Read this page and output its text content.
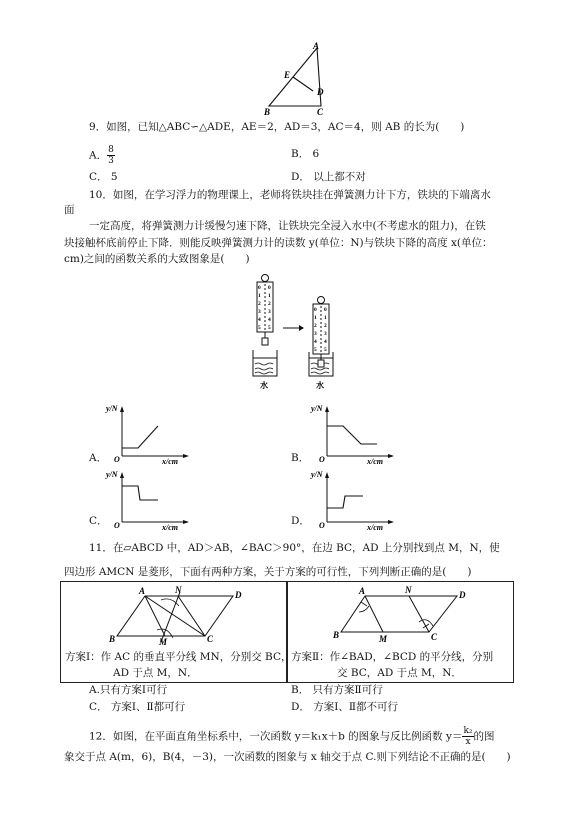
A
E
D
B	C
9．如图，已知△ABC∽△ADE，AE＝2，AD＝3，AC＝4，则 AB 的长为(　　)
A． $\frac{8}{3}$	B． 6
C． 5	D． 以上都不对
10．如图，在学习浮力的物理课上，老师将铁块挂在弹簧测力计下方，铁块的下端离水
面
一定高度，将弹簧测力计缓慢匀速下降，让铁块完全浸入水中(不考虑水的阻力)，在铁
块接触杯底前停止下降．则能反映弹簧测力计的读数 y(单位：N)与铁块下降的高度 x(单位：
cm)之间的函数关系的大致图象是(　　)
0 0
1 1
2 2
3 3
4 4
5 5
水
0 0
1 1
2 2
3 3
4 4
5 5
水
y/N
O	x/cm
A．
y/N
O	x/cm
B．
y/N
O	x/cm
C．
y/N
O	x/cm
D．
11．在▱ABCD 中，AD＞AB，∠BAC＞90°，在边 BC，AD 上分别找到点 M，N，使
四边形 AMCN 是菱形，下面有两种方案，关于方案的可行性，下列判断正确的是(　　)
A	N	D
B	M	C
方案Ⅰ：作 AC 的垂直平分线 MN，分别交 BC，
AD 于点 M，N．
A	N	D
B	M	C
方案Ⅱ：作∠BAD，∠BCD 的平分线，分别
交 BC，AD 于点 M，N．
A.只有方案Ⅰ可行	B． 只有方案Ⅱ可行
C． 方案Ⅰ、Ⅱ都可行	D． 方案Ⅰ、Ⅱ都不可行
12．如图，在平面直角坐标系中，一次函数 y＝k₁x＋b 的图象与反比例函数 $y= \frac{\text{k₂}}{x}$ 的图
象交于点 A(m，6)，B(4，－3)，一次函数的图象与 x 轴交于点 C.则下列结论不正确的是(　　)
